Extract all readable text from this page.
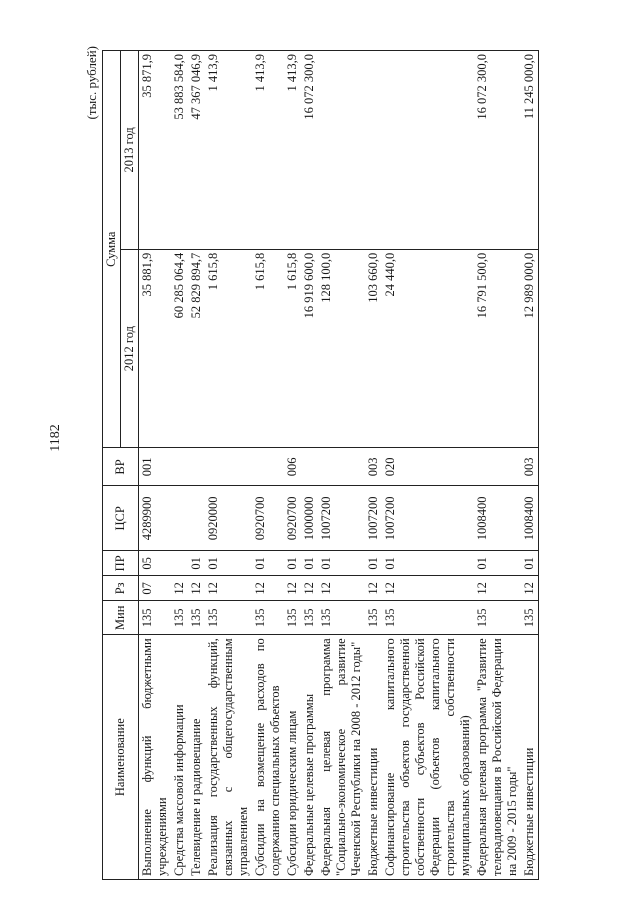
1182
(тыс. рублей)
Наименование	Мин	Рз	ПР	ЦСР	ВР	Сумма	
						2012 год	2013 год
Выполнение функций бюджетными учреждениями	135	07	05	4289900	001	35 881,9	35 871,9
Средства массовой информации	135	12				60 285 064,4	53 883 584,0
Телевидение и радиовещание	135	12	01			52 829 894,7	47 367 046,9
Реализация государственных функций, связанных с общегосударственным управлением	135	12	01	0920000		1 615,8	1 413,9
Субсидии на возмещение расходов по содержанию специальных объектов	135	12	01	0920700		1 615,8	1 413,9
Субсидии юридическим лицам	135	12	01	0920700	006	1 615,8	1 413,9
Федеральные целевые программы	135	12	01	1000000		16 919 600,0	16 072 300,0
Федеральная целевая программа "Социально-экономическое развитие Чеченской Республики на 2008 - 2012 годы"	135	12	01	1007200		128 100,0	
Бюджетные инвестиции	135	12	01	1007200	003	103 660,0	
Софинансирование капитального строительства объектов государственной собственности субъектов Российской Федерации (объектов капитального строительства собственности муниципальных образований)	135	12	01	1007200	020	24 440,0	
Федеральная целевая программа "Развитие телерадиовещания в Российской Федерации на 2009 - 2015 годы"	135	12	01	1008400		16 791 500,0	16 072 300,0
Бюджетные инвестиции	135	12	01	1008400	003	12 989 000,0	11 245 000,0
